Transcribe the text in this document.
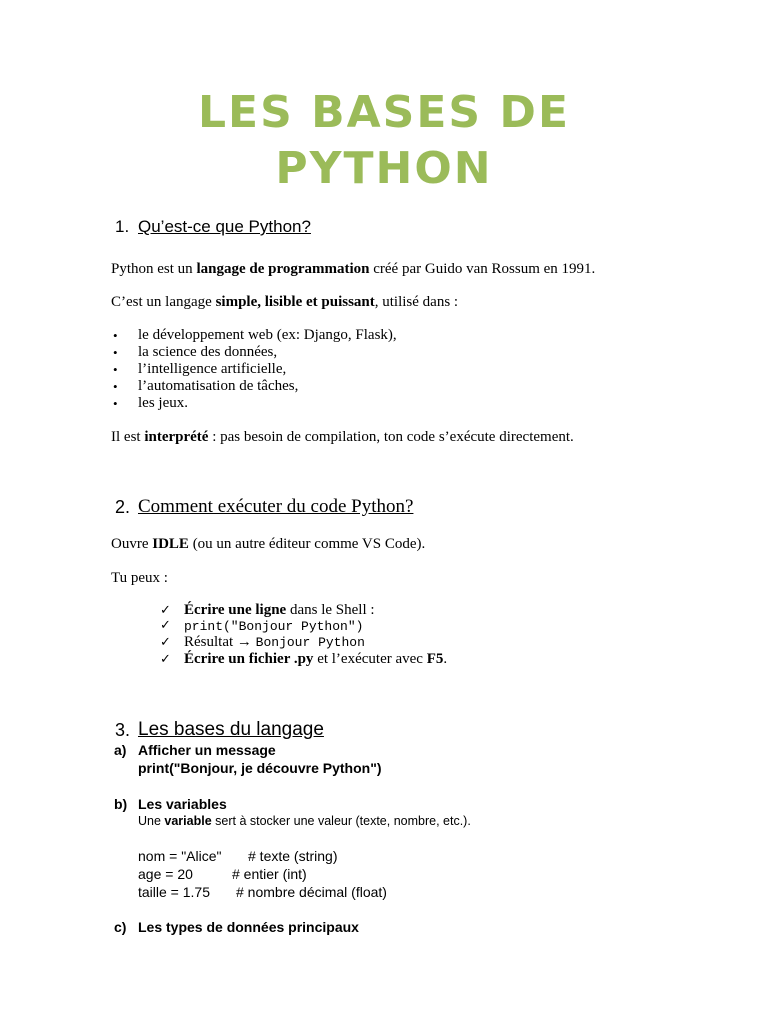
LES BASES DE
PYTHON
1. Qu’est-ce que Python?
Python est un langage de programmation créé par Guido van Rossum en 1991.
C’est un langage simple, lisible et puissant, utilisé dans :
• le développement web (ex: Django, Flask),
• la science des données,
• l’intelligence artificielle,
• l’automatisation de tâches,
• les jeux.
Il est interprété : pas besoin de compilation, ton code s’exécute directement.
2. Comment exécuter du code Python?
Ouvre IDLE (ou un autre éditeur comme VS Code).
Tu peux :
✓ Écrire une ligne dans le Shell :
✓ print("Bonjour Python")
✓ Résultat → Bonjour Python
✓ Écrire un fichier .py et l’exécuter avec F5.
3. Les bases du langage
a) Afficher un message
print("Bonjour, je découvre Python")
b) Les variables
Une variable sert à stocker une valeur (texte, nombre, etc.).
nom = "Alice" # texte (string)
age = 20	# entier (int)
taille = 1.75 # nombre décimal (float)
c) Les types de données principaux
